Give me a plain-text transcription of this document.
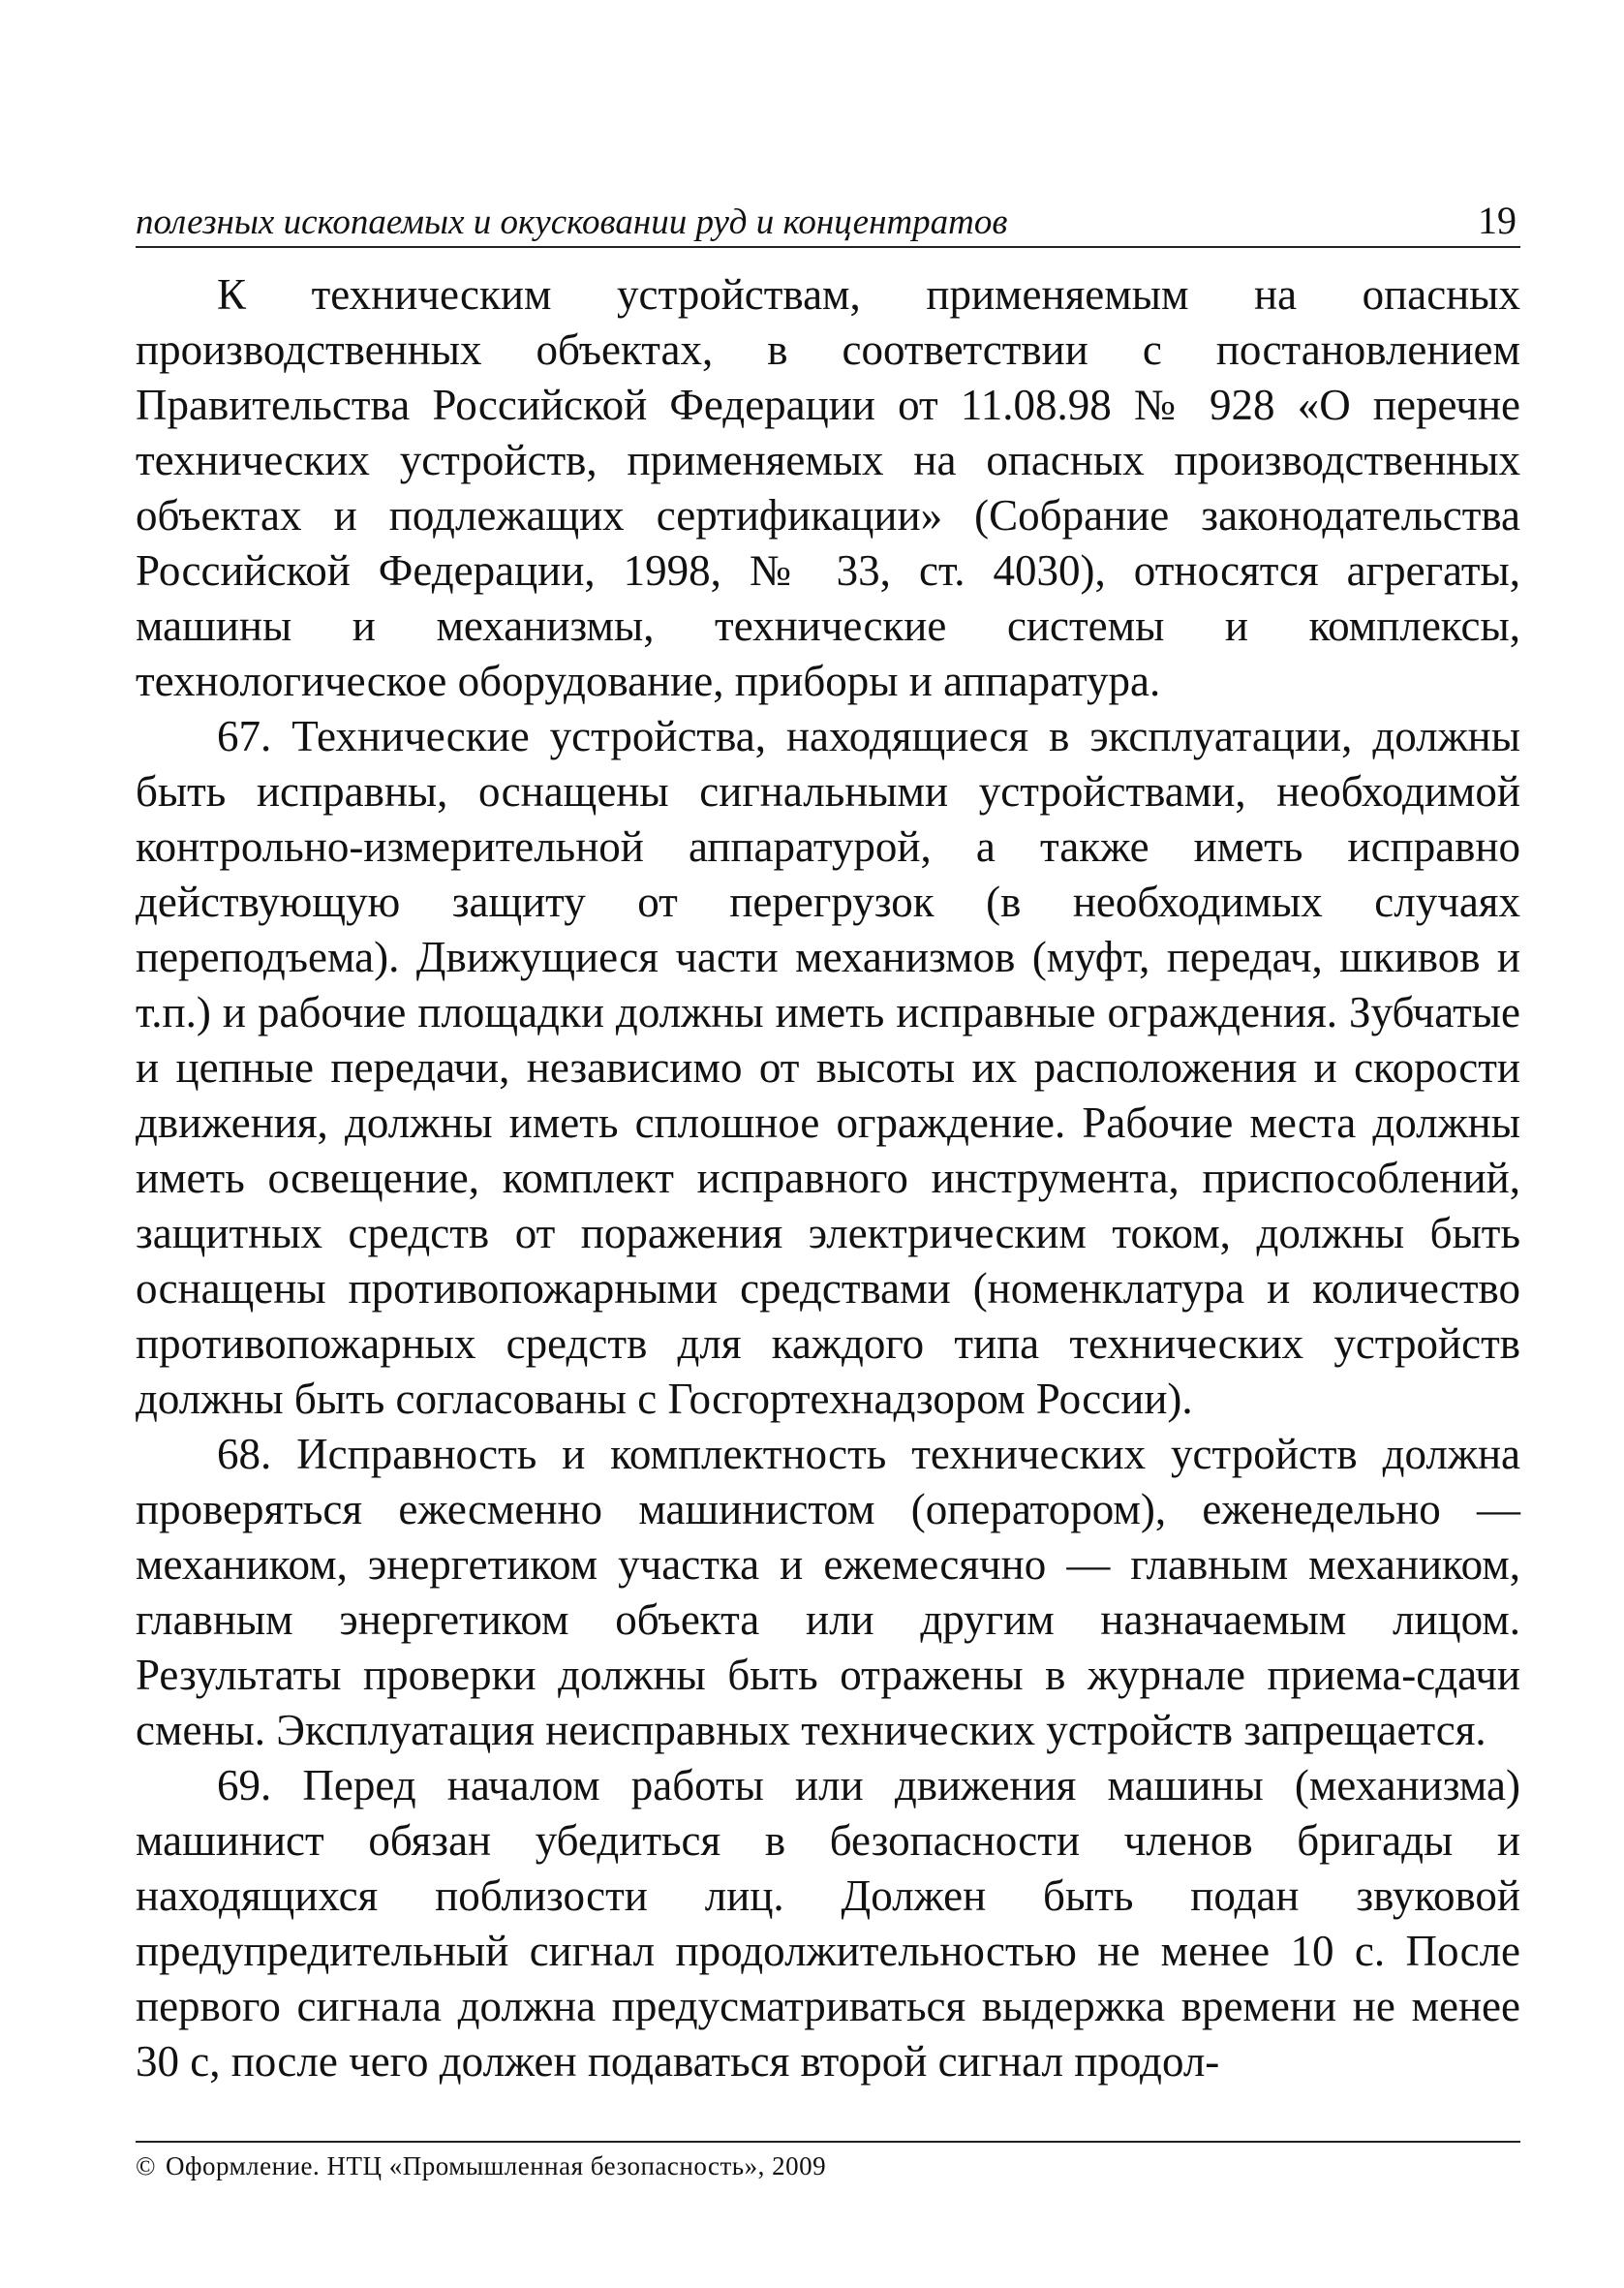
полезных ископаемых и окусковании руд и концентратов	19

К техническим устройствам, применяемым на опасных производственных объектах, в соответствии с постановлением Правительства Российской Федерации от 11.08.98 № 928 «О перечне технических устройств, применяемых на опасных производственных объектах и подлежащих сертификации» (Собрание законодательства Российской Федерации, 1998, № 33, ст. 4030), относятся агрегаты, машины и механизмы, технические системы и комплексы, технологическое оборудование, приборы и аппаратура.

67. Технические устройства, находящиеся в эксплуатации, должны быть исправны, оснащены сигнальными устройствами, необходимой контрольно-измерительной аппаратурой, а также иметь исправно действующую защиту от перегрузок (в необходимых случаях переподъема). Движущиеся части механизмов (муфт, передач, шкивов и т.п.) и рабочие площадки должны иметь исправные ограждения. Зубчатые и цепные передачи, независимо от высоты их расположения и скорости движения, должны иметь сплошное ограждение. Рабочие места должны иметь освещение, комплект исправного инструмента, приспособлений, защитных средств от поражения электрическим током, должны быть оснащены противопожарными средствами (номенклатура и количество противопожарных средств для каждого типа технических устройств должны быть согласованы с Госгортехнадзором России).

68. Исправность и комплектность технических устройств должна проверяться ежесменно машинистом (оператором), еженедельно — механиком, энергетиком участка и ежемесячно — главным механиком, главным энергетиком объекта или другим назначаемым лицом. Результаты проверки должны быть отражены в журнале приема-сдачи смены. Эксплуатация неисправных технических устройств запрещается.

69. Перед началом работы или движения машины (механизма) машинист обязан убедиться в безопасности членов бригады и находящихся поблизости лиц. Должен быть подан звуковой предупредительный сигнал продолжительностью не менее 10 с. После первого сигнала должна предусматриваться выдержка времени не менее 30 с, после чего должен подаваться второй сигнал продол-

© Оформление. НТЦ «Промышленная безопасность», 2009
